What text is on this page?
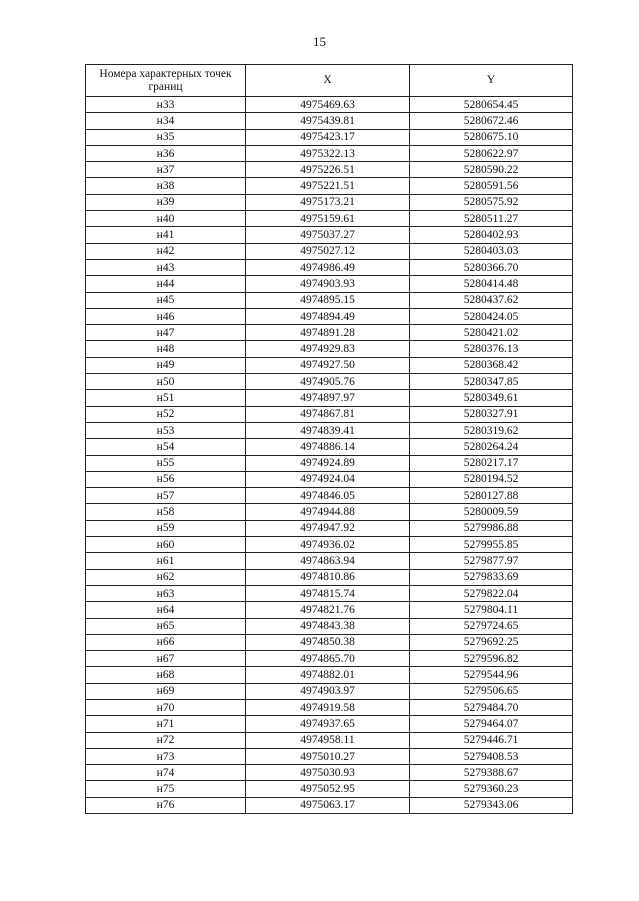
15
Номера характерных точек границ	X	Y
н33	4975469.63	5280654.45
н34	4975439.81	5280672.46
н35	4975423.17	5280675.10
н36	4975322.13	5280622.97
н37	4975226.51	5280590.22
н38	4975221.51	5280591.56
н39	4975173.21	5280575.92
н40	4975159.61	5280511.27
н41	4975037.27	5280402.93
н42	4975027.12	5280403.03
н43	4974986.49	5280366.70
н44	4974903.93	5280414.48
н45	4974895.15	5280437.62
н46	4974894.49	5280424.05
н47	4974891.28	5280421.02
н48	4974929.83	5280376.13
н49	4974927.50	5280368.42
н50	4974905.76	5280347.85
н51	4974897.97	5280349.61
н52	4974867.81	5280327.91
н53	4974839.41	5280319.62
н54	4974886.14	5280264.24
н55	4974924.89	5280217.17
н56	4974924.04	5280194.52
н57	4974846.05	5280127.88
н58	4974944.88	5280009.59
н59	4974947.92	5279986.88
н60	4974936.02	5279955.85
н61	4974863.94	5279877.97
н62	4974810.86	5279833.69
н63	4974815.74	5279822.04
н64	4974821.76	5279804.11
н65	4974843.38	5279724.65
н66	4974850.38	5279692.25
н67	4974865.70	5279596.82
н68	4974882.01	5279544.96
н69	4974903.97	5279506.65
н70	4974919.58	5279484.70
н71	4974937.65	5279464.07
н72	4974958.11	5279446.71
н73	4975010.27	5279408.53
н74	4975030.93	5279388.67
н75	4975052.95	5279360.23
н76	4975063.17	5279343.06
